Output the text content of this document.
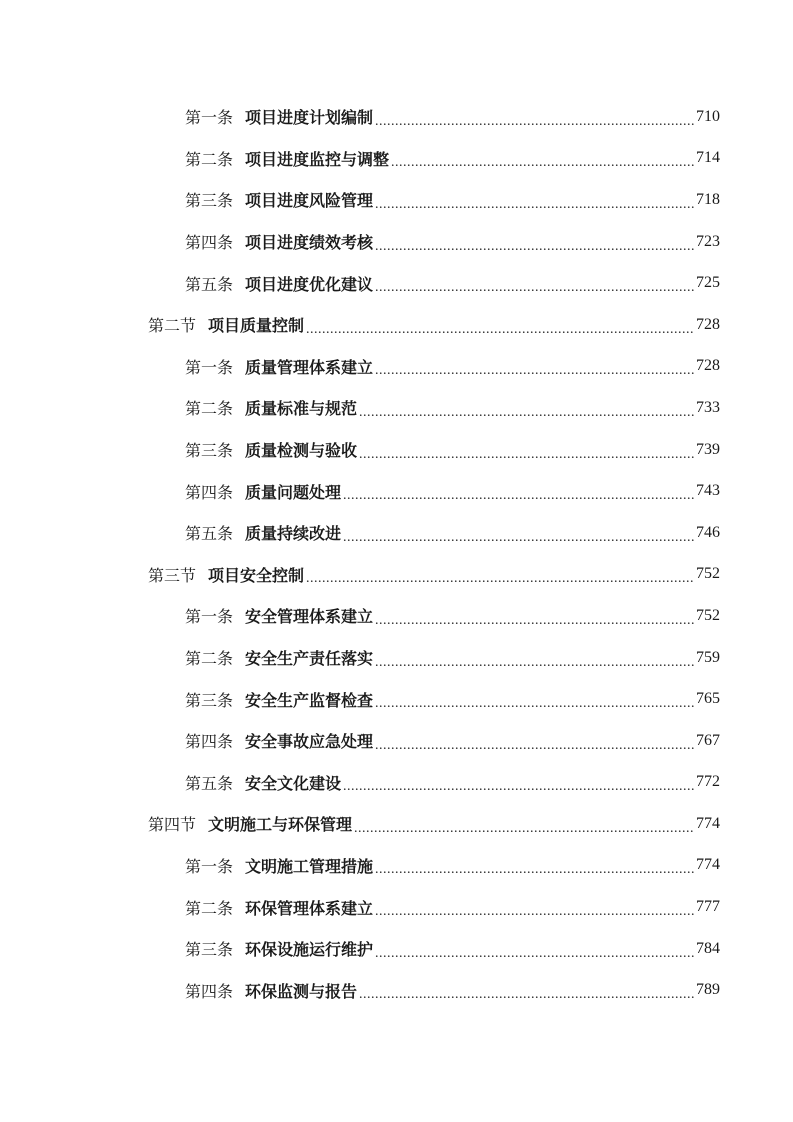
第一条 项目进度计划编制 .....	710
第二条 项目进度监控与调整 .....	714
第三条 项目进度风险管理 .....	718
第四条 项目进度绩效考核 .....	723
第五条 项目进度优化建议 .....	725
第二节 项目质量控制 .....	728
第一条 质量管理体系建立 .....	728
第二条 质量标准与规范 .....	733
第三条 质量检测与验收 .....	739
第四条 质量问题处理 .....	743
第五条 质量持续改进 .....	746
第三节 项目安全控制 .....	752
第一条 安全管理体系建立 .....	752
第二条 安全生产责任落实 .....	759
第三条 安全生产监督检查 .....	765
第四条 安全事故应急处理 .....	767
第五条 安全文化建设 .....	772
第四节 文明施工与环保管理 .....	774
第一条 文明施工管理措施 .....	774
第二条 环保管理体系建立 .....	777
第三条 环保设施运行维护 .....	784
第四条 环保监测与报告 .....	789
